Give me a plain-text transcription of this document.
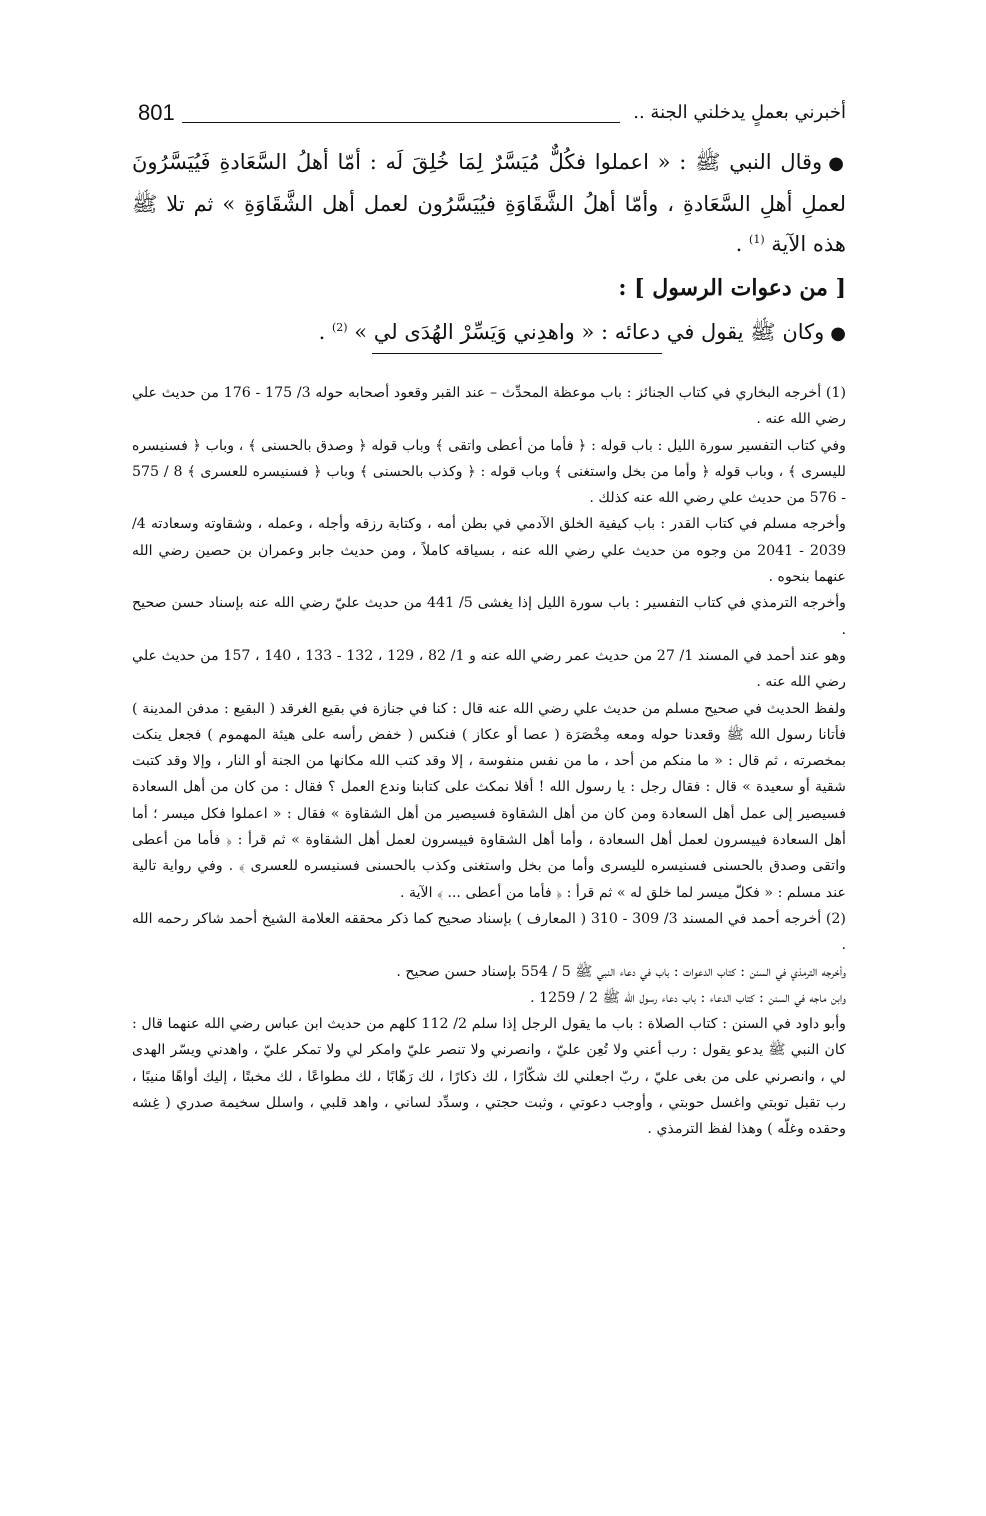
أخبرني بعملٍ يدخلني الجنة ..
801

●وقال النبي ﷺ : « اعملوا فكُلٌّ مُيَسَّرٌ لِمَا خُلِقَ لَه : أمّا أهلُ السَّعَادةِ فَيُيَسَّرُونَ لعملِ أهلِ السَّعَادةِ ، وأمّا أهلُ الشَّقَاوَةِ فيُيَسَّرُون لعمل أهل الشَّقَاوَةِ » ثم تلا ﷺ هذه الآية $^{(1)}$ .

[ من دعوات الرسول ] :

●وكان ﷺ يقول في دعائه : « واهدِني وَيَسِّرْ الهُدَى لي » $^{(2)}$ .

(1) أخرجه البخاري في كتاب الجنائز : باب موعظة المحدِّث – عند القبر وقعود أصحابه حوله 3/ 175 - 176 من حديث علي رضي الله عنه .

وفي كتاب التفسير سورة الليل : باب قوله : ﴿ فأما من أعطى واتقى ﴾ وباب قوله ﴿ وصدق بالحسنى ﴾ ، وباب ﴿ فسنيسره لليسرى ﴾ ، وباب قوله ﴿ وأما من بخل واستغنى ﴾ وباب قوله : ﴿ وكذب بالحسنى ﴾ وباب ﴿ فسنيسره للعسرى ﴾ 8 / 575 - 576 من حديث علي رضي الله عنه كذلك .

وأخرجه مسلم في كتاب القدر : باب كيفية الخلق الآدمي في بطن أمه ، وكتابة رزقه وأجله ، وعمله ، وشقاوته وسعادته 4/ 2039 - 2041 من وجوه من حديث علي رضي الله عنه ، بسياقه كاملاً ، ومن حديث جابر وعمران بن حصين رضي الله عنهما بنحوه .

وأخرجه الترمذي في كتاب التفسير : باب سورة الليل إذا يغشى 5/ 441 من حديث عليّ رضي الله عنه بإسناد حسن صحيح .

وهو عند أحمد في المسند 1/ 27 من حديث عمر رضي الله عنه و 1/ 82 ، 129 ، 132 - 133 ، 140 ، 157 من حديث علي رضي الله عنه .

ولفظ الحديث في صحيح مسلم من حديث علي رضي الله عنه قال : كنا في جنازة في بقيع الغرقد ( البقيع : مدفن المدينة ) فأتانا رسول الله ﷺ وقعدنا حوله ومعه مِخْصَرَة ( عصا أو عكاز ) فنكس ( خفض رأسه على هيئة المهموم ) فجعل ينكت بمخصرته ، ثم قال : « ما منكم من أحد ، ما من نفس منفوسة ، إلا وقد كتب الله مكانها من الجنة أو النار ، وإلا وقد كتبت شقية أو سعيدة » قال : فقال رجل : يا رسول الله ! أفلا نمكث على كتابنا وندع العمل ؟ فقال : من كان من أهل السعادة فسيصير إلى عمل أهل السعادة ومن كان من أهل الشقاوة فسيصير من أهل الشقاوة » فقال : « اعملوا فكل ميسر ؛ أما أهل السعادة فييسرون لعمل أهل السعادة ، وأما أهل الشقاوة فييسرون لعمل أهل الشقاوة » ثم قرأ : ﴿ فأما من أعطى واتقى وصدق بالحسنى فسنيسره لليسرى وأما من بخل واستغنى وكذب بالحسنى فسنيسره للعسرى ﴾ . وفي رواية تالية عند مسلم : « فكلّ ميسر لما خلق له » ثم قرأ : ﴿ فأما من أعطى ... ﴾ الآية .

(2) أخرجه أحمد في المسند 3/ 309 - 310 ( المعارف ) بإسناد صحيح كما ذكر محققه العلامة الشيخ أحمد شاكر رحمه الله .

وأخرجه الترمذي في السنن : كتاب الدعوات : باب في دعاء النبي ﷺ 5 / 554 بإسناد حسن صحيح .

وابن ماجه في السنن : كتاب الدعاء : باب دعاء رسول الله ﷺ 2 / 1259 .

وأبو داود في السنن : كتاب الصلاة : باب ما يقول الرجل إذا سلم 2/ 112 كلهم من حديث ابن عباس رضي الله عنهما قال : كان النبي ﷺ يدعو يقول : رب أعني ولا تُعِن عليّ ، وانصرني ولا تنصر عليّ وامكر لي ولا تمكر عليّ ، واهدني ويسّر الهدى لي ، وانصرني على من بغى عليّ ، ربّ اجعلني لك شكّارًا ، لك ذكارًا ، لك رَهّابًا ، لك مطواعًا ، لك مخبتًا ، إليك أواهًا منيبًا ، رب تقبل توبتي واغسل حوبتي ، وأوجب دعوتي ، وثبت حجتي ، وسدِّد لساني ، واهد قلبي ، واسلل سخيمة صدري ( غِشه وحقده وغلّه ) وهذا لفظ الترمذي .
